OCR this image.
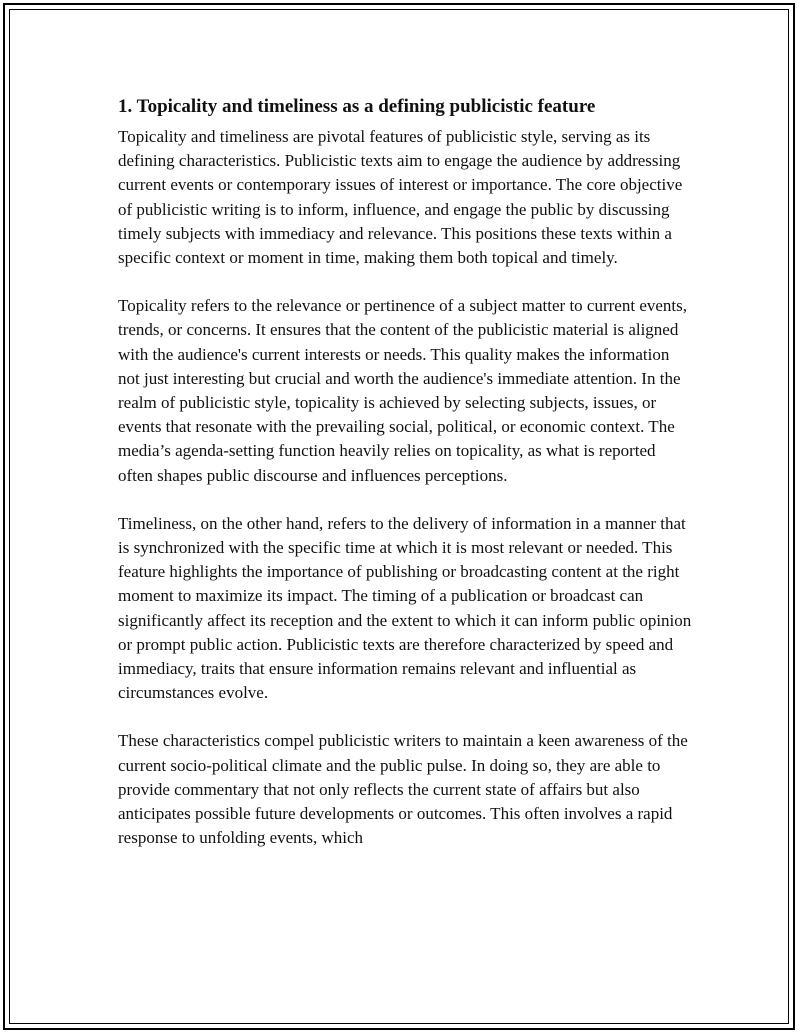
1. Topicality and timeliness as a defining publicistic feature

Topicality and timeliness are pivotal features of publicistic style, serving as its defining characteristics. Publicistic texts aim to engage the audience by addressing current events or contemporary issues of interest or importance. The core objective of publicistic writing is to inform, influence, and engage the public by discussing timely subjects with immediacy and relevance. This positions these texts within a specific context or moment in time, making them both topical and timely.

Topicality refers to the relevance or pertinence of a subject matter to current events, trends, or concerns. It ensures that the content of the publicistic material is aligned with the audience's current interests or needs. This quality makes the information not just interesting but crucial and worth the audience's immediate attention. In the realm of publicistic style, topicality is achieved by selecting subjects, issues, or events that resonate with the prevailing social, political, or economic context. The media’s agenda-setting function heavily relies on topicality, as what is reported often shapes public discourse and influences perceptions.

Timeliness, on the other hand, refers to the delivery of information in a manner that is synchronized with the specific time at which it is most relevant or needed. This feature highlights the importance of publishing or broadcasting content at the right moment to maximize its impact. The timing of a publication or broadcast can significantly affect its reception and the extent to which it can inform public opinion or prompt public action. Publicistic texts are therefore characterized by speed and immediacy, traits that ensure information remains relevant and influential as circumstances evolve.

These characteristics compel publicistic writers to maintain a keen awareness of the current socio-political climate and the public pulse. In doing so, they are able to provide commentary that not only reflects the current state of affairs but also anticipates possible future developments or outcomes. This often involves a rapid response to unfolding events, which
